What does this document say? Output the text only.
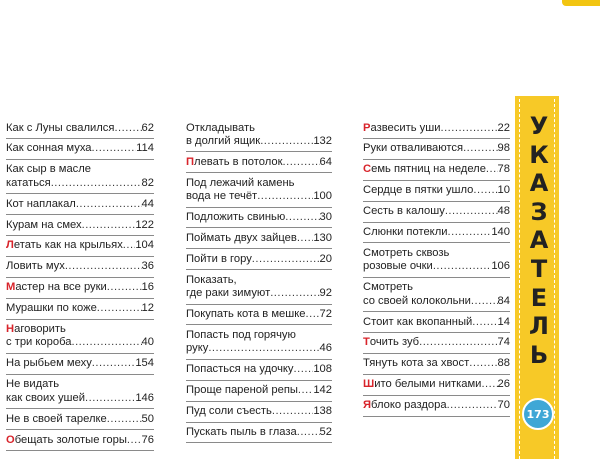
Как с Луны свалился ..... 62
Как сонная муха .....	114
Как сыр в масле
кататься .....	82
Кот наплакал .....	44
Курам на смех .....	122
Летать как на крыльях ..... 104
Ловить мух .....	36
Мастер на все руки .....	16
Мурашки по коже .....	12
Наговорить
с три короба .....	40
На рыбьем меху .....	154
Не видать
как своих ушей .....	146
Не в своей тарелке .....	50
Обещать золотые горы ..... 76
Откладывать
в долгий ящик .....	132
Плевать в потолок .....	64
Под лежачий камень
вода не течёт .....	100
Подложить свинью .....	30
Поймать двух зайцев ..... 130
Пойти в гору .....	20
Показать,
где раки зимуют .....	92
Покупать кота в мешке ..... 72
Попасть под горячую
руку .....	46
Попасться на удочку ..... 108
Проще пареной репы ..... 142
Пуд соли съесть .....	138
Пускать пыль в глаза ..... 52
Развесить уши .....	22
Руки отваливаются .....	98
Семь пятниц на неделе ..... 78
Сердце в пятки ушло ..... 10
Сесть в калошу .....	48
Слюнки потекли .....	140
Смотреть сквозь
розовые очки .....	106
Смотреть
со своей колокольни ..... 84
Стоит как вкопанный ..... 14
Точить зуб .....	74
Тянуть кота за хвост .....	88
Шито белыми нитками ..... 26
Яблоко раздора .....	70
У
К
А
З
А
Т
Е
Л
Ь
173
